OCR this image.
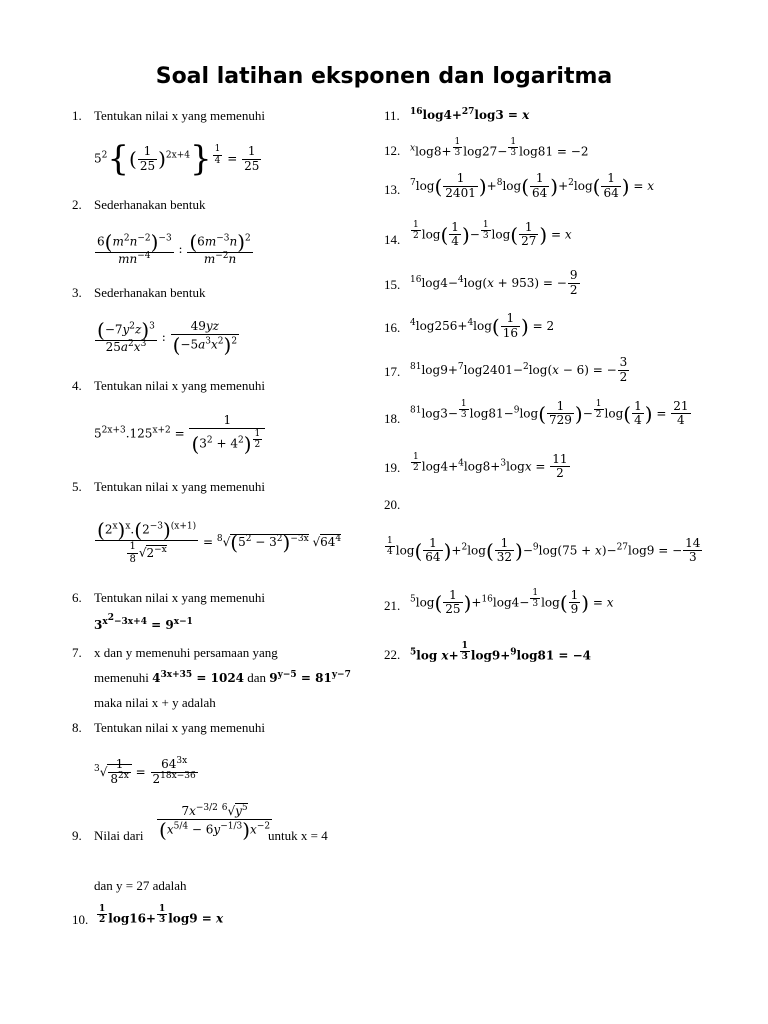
Soal latihan eksponen dan logaritma
1. Tentukan nilai x yang memenuhi
$5^2\{( \frac{1}{25} )^{2x+4}\} ^{\frac{1}{4}} = \frac{1}{25}$
2. Sederhanakan bentuk
$\frac{6(m^2n^{-2})^{-3}}{mn^{-4}}$ : $\frac{(6m^{-3}n)^2}{m^{-2}n}$
3. Sederhanakan bentuk
$\frac{(-7y^2z)^3}{25a^2x^3}$ : $\frac{49yz}{(-5a^3x^2)^2}$
4. Tentukan nilai x yang memenuhi
$5^{2x+3}.125^{x+2} = 1$
$(3^2 + 4^2)$ $^{\frac{1}{2}}$
5. Tentukan nilai x yang memenuhi
$\frac{(2^x)^x.(2^{-3})^{(x+1)}}{\frac{1}{8} √2^{-x}} = ^8√(5^2 - 3^2)^{-3x}$ $√64^4$
6. Tentukan nilai x yang memenuhi
$3^{x^2-3x+4} = 9^{x-1}$
7. x dan y memenuhi persamaan yang
memenuhi $4^{3x+35} = 1024$ dan $9^{y-5} = 81^{y-7}$
maka nilai x + y adalah
8. Tentukan nilai x yang memenuhi
$^3√ \frac{1}{8^{2x}} = \frac{64^{3x}}{2^{18x-36}}$
9. Nilai dari $\frac{7x^{-3/2} ^6√y^5}{(x^{5/4} - 6y^{-1/3})x^{-2}}$
untuk x = 4
dan y = 27 adalah
10. $^{\frac{1}{2}}$ log16+ $^{\frac{1}{3}}$ log9 = x
11. $^{16}$log4+$^{27}$log3 = x
12. $^x$log8+ $^{\frac{1}{3}}$ log27− $^{\frac{1}{3}}$ log81 = −2
13. $^7\log( \frac{1}{2401} )+^8\log( \frac{1}{64} )+^2\log( \frac{1}{64}$ ) = x
14. $^{\frac{1}{2}}$ $\log( \frac{1}{4}$ )− $^{\frac{1}{3}}$ $\log( \frac{1}{27}$ ) = x
15. $^{16}$log4−$^4$log(x + 953) = − $\frac{9}{2}$
16. $^4\log 256+^4\log( \frac{1}{16}$ ) = 2
17. $^{81}$log9+$^7$log2401−$^2$log(x − 6) = − $\frac{3}{2}$
18.
$^{81}$log3− $^{\frac{1}{3}}$ $\log 81-^9\log( \frac{1}{729}$ )− $^{\frac{1}{2}}$ $\log( \frac{1}{4}$ ) = $\frac{21}{4}$
19. $^{\frac{1}{2}}$ $\log 4+^4\log 8+^3\log x = \frac{11}{2}$
20.
$^{\frac{1}{4}}$ $\log( \frac{1}{64} )+^2\log( \frac{1}{32} )-^9\log(75 + x)-^{27}\log 9$ = − $\frac{14}{3}$
21. $^5\log( \frac{1}{25} )+^{16}\log 4- ^{\frac{1}{3}}$ $\log( \frac{1}{9}$ ) = x
22. $^5$log x+ $^{\frac{1}{3}}$ log9+$^9$log81 = −4
